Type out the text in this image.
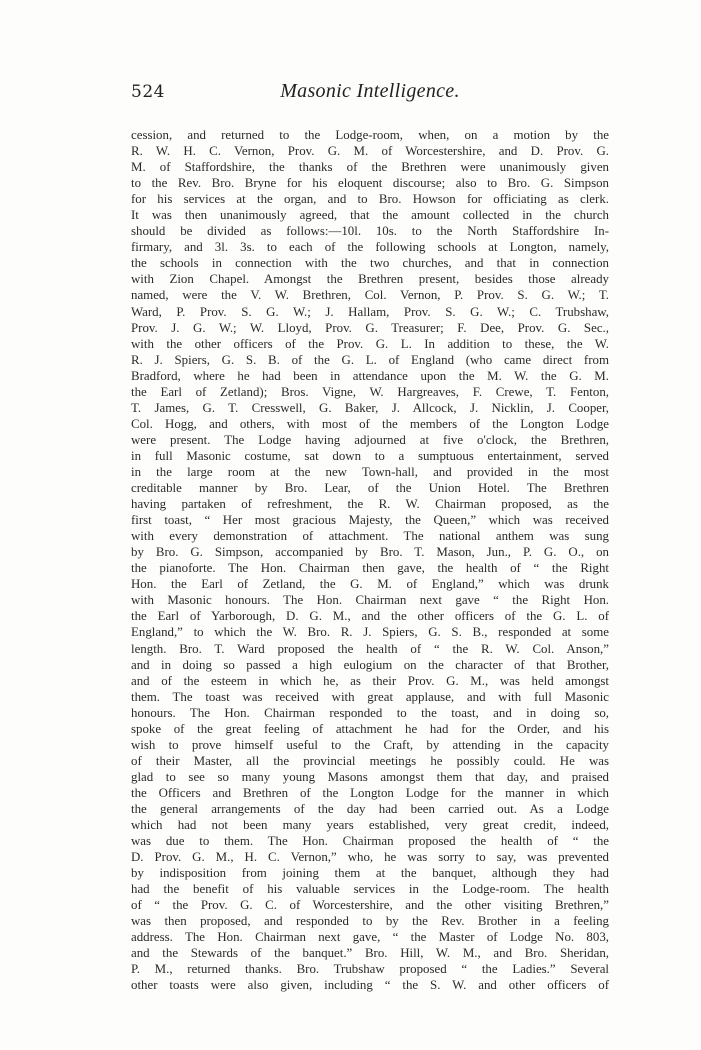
524	Masonic Intelligence.
cession, and returned to the Lodge-room, when, on a motion by the
R. W. H. C. Vernon, Prov. G. M. of Worcestershire, and D. Prov. G.
M. of Staffordshire, the thanks of the Brethren were unanimously given
to the Rev. Bro. Bryne for his eloquent discourse; also to Bro. G. Simpson
for his services at the organ, and to Bro. Howson for officiating as clerk.
It was then unanimously agreed, that the amount collected in the church
should be divided as follows:—10l. 10s. to the North Staffordshire In-
firmary, and 3l. 3s. to each of the following schools at Longton, namely,
the schools in connection with the two churches, and that in connection
with Zion Chapel. Amongst the Brethren present, besides those already
named, were the V. W. Brethren, Col. Vernon, P. Prov. S. G. W.; T.
Ward, P. Prov. S. G. W.; J. Hallam, Prov. S. G. W.; C. Trubshaw,
Prov. J. G. W.; W. Lloyd, Prov. G. Treasurer; F. Dee, Prov. G. Sec.,
with the other officers of the Prov. G. L. In addition to these, the W.
R. J. Spiers, G. S. B. of the G. L. of England (who came direct from
Bradford, where he had been in attendance upon the M. W. the G. M.
the Earl of Zetland); Bros. Vigne, W. Hargreaves, F. Crewe, T. Fenton,
T. James, G. T. Cresswell, G. Baker, J. Allcock, J. Nicklin, J. Cooper,
Col. Hogg, and others, with most of the members of the Longton Lodge
were present. The Lodge having adjourned at five o'clock, the Brethren,
in full Masonic costume, sat down to a sumptuous entertainment, served
in the large room at the new Town-hall, and provided in the most
creditable manner by Bro. Lear, of the Union Hotel. The Brethren
having partaken of refreshment, the R. W. Chairman proposed, as the
first toast, “ Her most gracious Majesty, the Queen,” which was received
with every demonstration of attachment. The national anthem was sung
by Bro. G. Simpson, accompanied by Bro. T. Mason, Jun., P. G. O., on
the pianoforte. The Hon. Chairman then gave, the health of “ the Right
Hon. the Earl of Zetland, the G. M. of England,” which was drunk
with Masonic honours. The Hon. Chairman next gave “ the Right Hon.
the Earl of Yarborough, D. G. M., and the other officers of the G. L. of
England,” to which the W. Bro. R. J. Spiers, G. S. B., responded at some
length. Bro. T. Ward proposed the health of “ the R. W. Col. Anson,”
and in doing so passed a high eulogium on the character of that Brother,
and of the esteem in which he, as their Prov. G. M., was held amongst
them. The toast was received with great applause, and with full Masonic
honours. The Hon. Chairman responded to the toast, and in doing so,
spoke of the great feeling of attachment he had for the Order, and his
wish to prove himself useful to the Craft, by attending in the capacity
of their Master, all the provincial meetings he possibly could. He was
glad to see so many young Masons amongst them that day, and praised
the Officers and Brethren of the Longton Lodge for the manner in which
the general arrangements of the day had been carried out. As a Lodge
which had not been many years established, very great credit, indeed,
was due to them. The Hon. Chairman proposed the health of “ the
D. Prov. G. M., H. C. Vernon,” who, he was sorry to say, was prevented
by indisposition from joining them at the banquet, although they had
had the benefit of his valuable services in the Lodge-room. The health
of “ the Prov. G. C. of Worcestershire, and the other visiting Brethren,”
was then proposed, and responded to by the Rev. Brother in a feeling
address. The Hon. Chairman next gave, “ the Master of Lodge No. 803,
and the Stewards of the banquet.” Bro. Hill, W. M., and Bro. Sheridan,
P. M., returned thanks. Bro. Trubshaw proposed “ the Ladies.” Several
other toasts were also given, including “ the S. W. and other officers of
